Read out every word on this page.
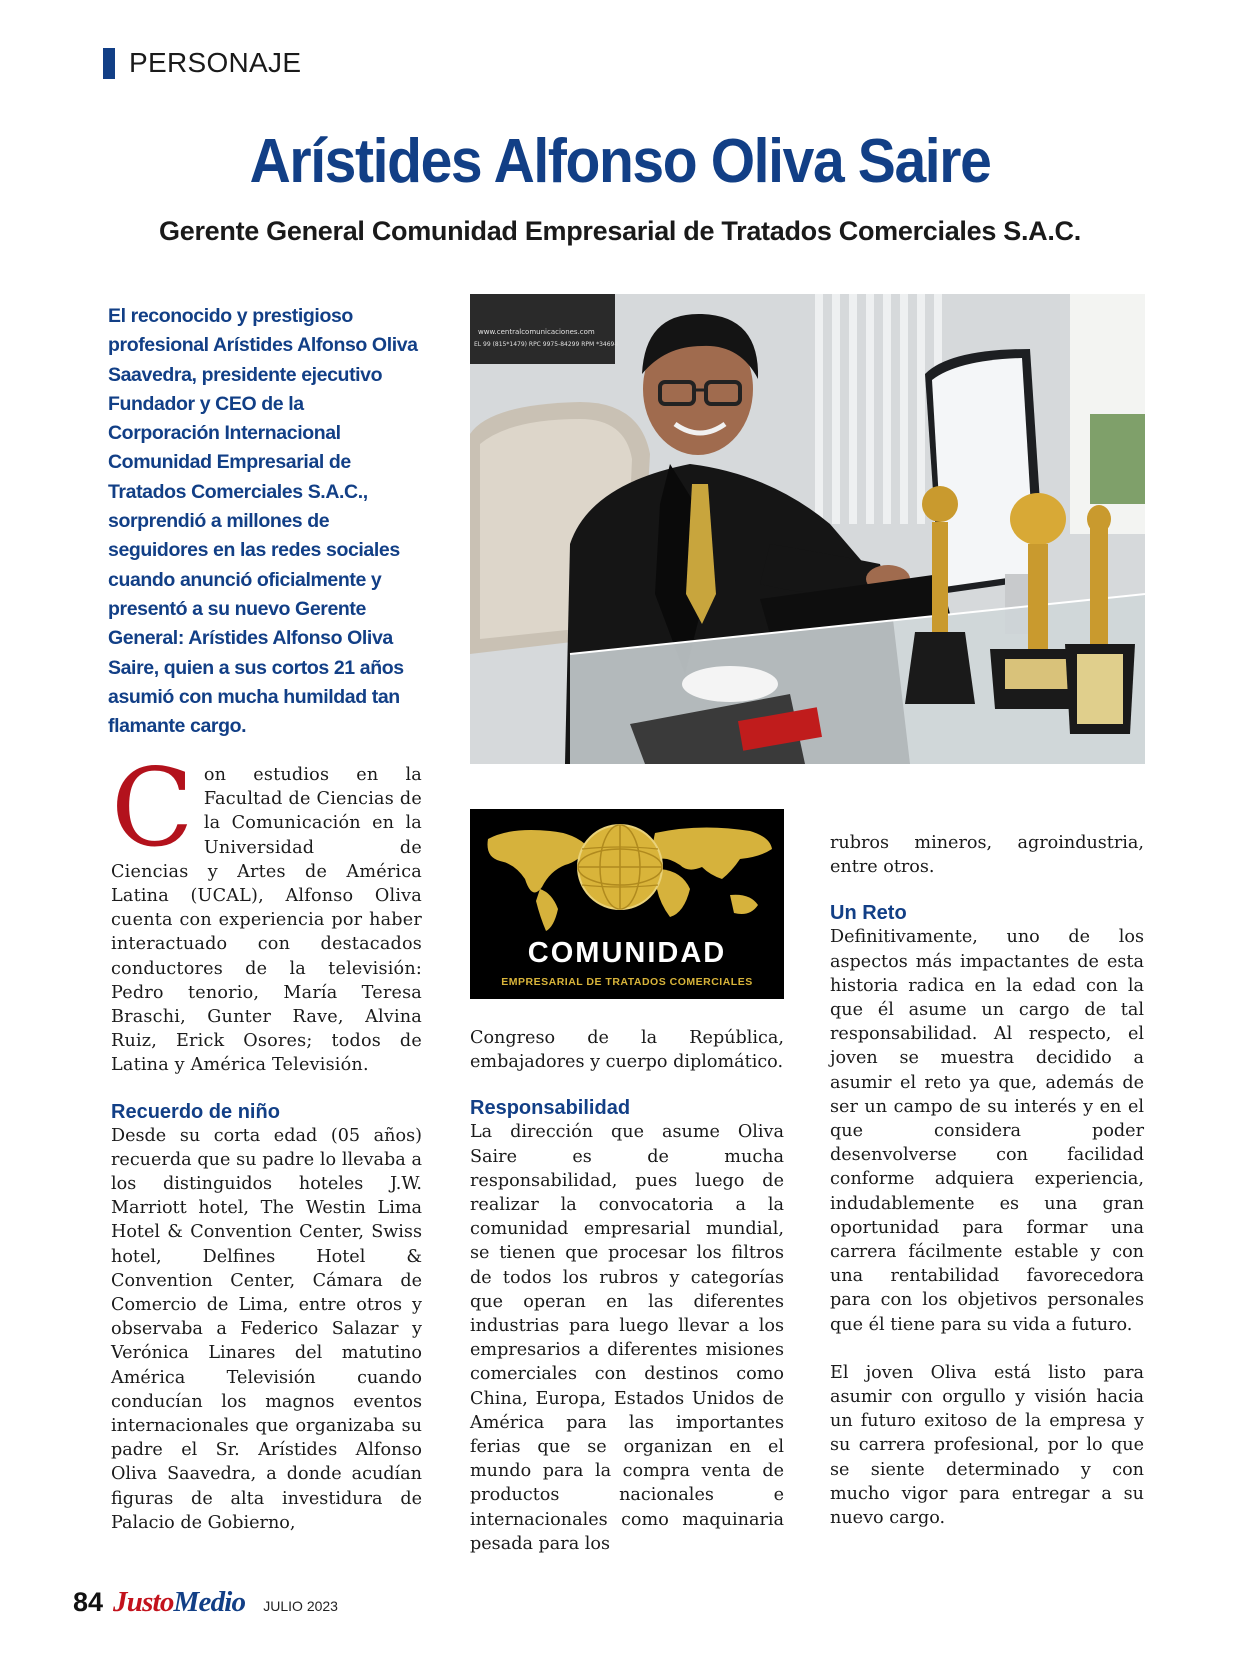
PERSONAJE
Arístides Alfonso Oliva Saire
Gerente General Comunidad Empresarial de Tratados Comerciales S.A.C.
El reconocido y prestigioso profesional Arístides Alfonso Oliva Saavedra, presidente ejecutivo Fundador y CEO de la Corporación Internacional Comunidad Empresarial de Tratados Comerciales S.A.C., sorprendió a millones de seguidores en las redes sociales cuando anunció oficialmente y presentó a su nuevo Gerente General: Arístides Alfonso Oliva Saire, quien a sus cortos 21 años asumió con mucha humildad tan flamante cargo.
www.centralcomunicaciones.com
EL 99 (815*1479) RPC 9975-84299 RPM *34694
COMUNIDAD
EMPRESARIAL DE TRATADOS COMERCIALES

Con estudios en la Facultad de Ciencias de la Comunicación en la Universidad de Ciencias y Artes de América Latina (UCAL), Alfonso Oliva cuenta con experiencia por haber interactuado con destacados conductores de la televisión: Pedro tenorio, María Teresa Braschi, Gunter Rave, Alvina Ruiz, Erick Osores; todos de Latina y América Televisión.

Recuerdo de niño

Desde su corta edad (05 años) recuerda que su padre lo llevaba a los distinguidos hoteles J.W. Marriott hotel, The Westin Lima Hotel & Convention Center, Swiss hotel, Delfines Hotel & Convention Center, Cámara de Comercio de Lima, entre otros y observaba a Federico Salazar y Verónica Linares del matutino América Televisión cuando conducían los magnos eventos internacionales que organizaba su padre el Sr. Arístides Alfonso Oliva Saavedra, a donde acudían figuras de alta investidura de Palacio de Gobierno,

Congreso de la República, embajadores y cuerpo diplomático.

Responsabilidad

La dirección que asume Oliva Saire es de mucha responsabilidad, pues luego de realizar la convocatoria a la comunidad empresarial mundial, se tienen que procesar los filtros de todos los rubros y categorías que operan en las diferentes industrias para luego llevar a los empresarios a diferentes misiones comerciales con destinos como China, Europa, Estados Unidos de América para las importantes ferias que se organizan en el mundo para la compra venta de productos nacionales e internacionales como maquinaria pesada para los

rubros mineros, agroindustria, entre otros.

Un Reto

Definitivamente, uno de los aspectos más impactantes de esta historia radica en la edad con la que él asume un cargo de tal responsabilidad. Al respecto, el joven se muestra decidido a asumir el reto ya que, además de ser un campo de su interés y en el que considera poder desenvolverse con facilidad conforme adquiera experiencia, indudablemente es una gran oportunidad para formar una carrera fácilmente estable y con una rentabilidad favorecedora para con los objetivos personales que él tiene para su vida a futuro.

El joven Oliva está listo para asumir con orgullo y visión hacia un futuro exitoso de la empresa y su carrera profesional, por lo que se siente determinado y con mucho vigor para entregar a su nuevo cargo.

84 Justo Medio JULIO 2023
